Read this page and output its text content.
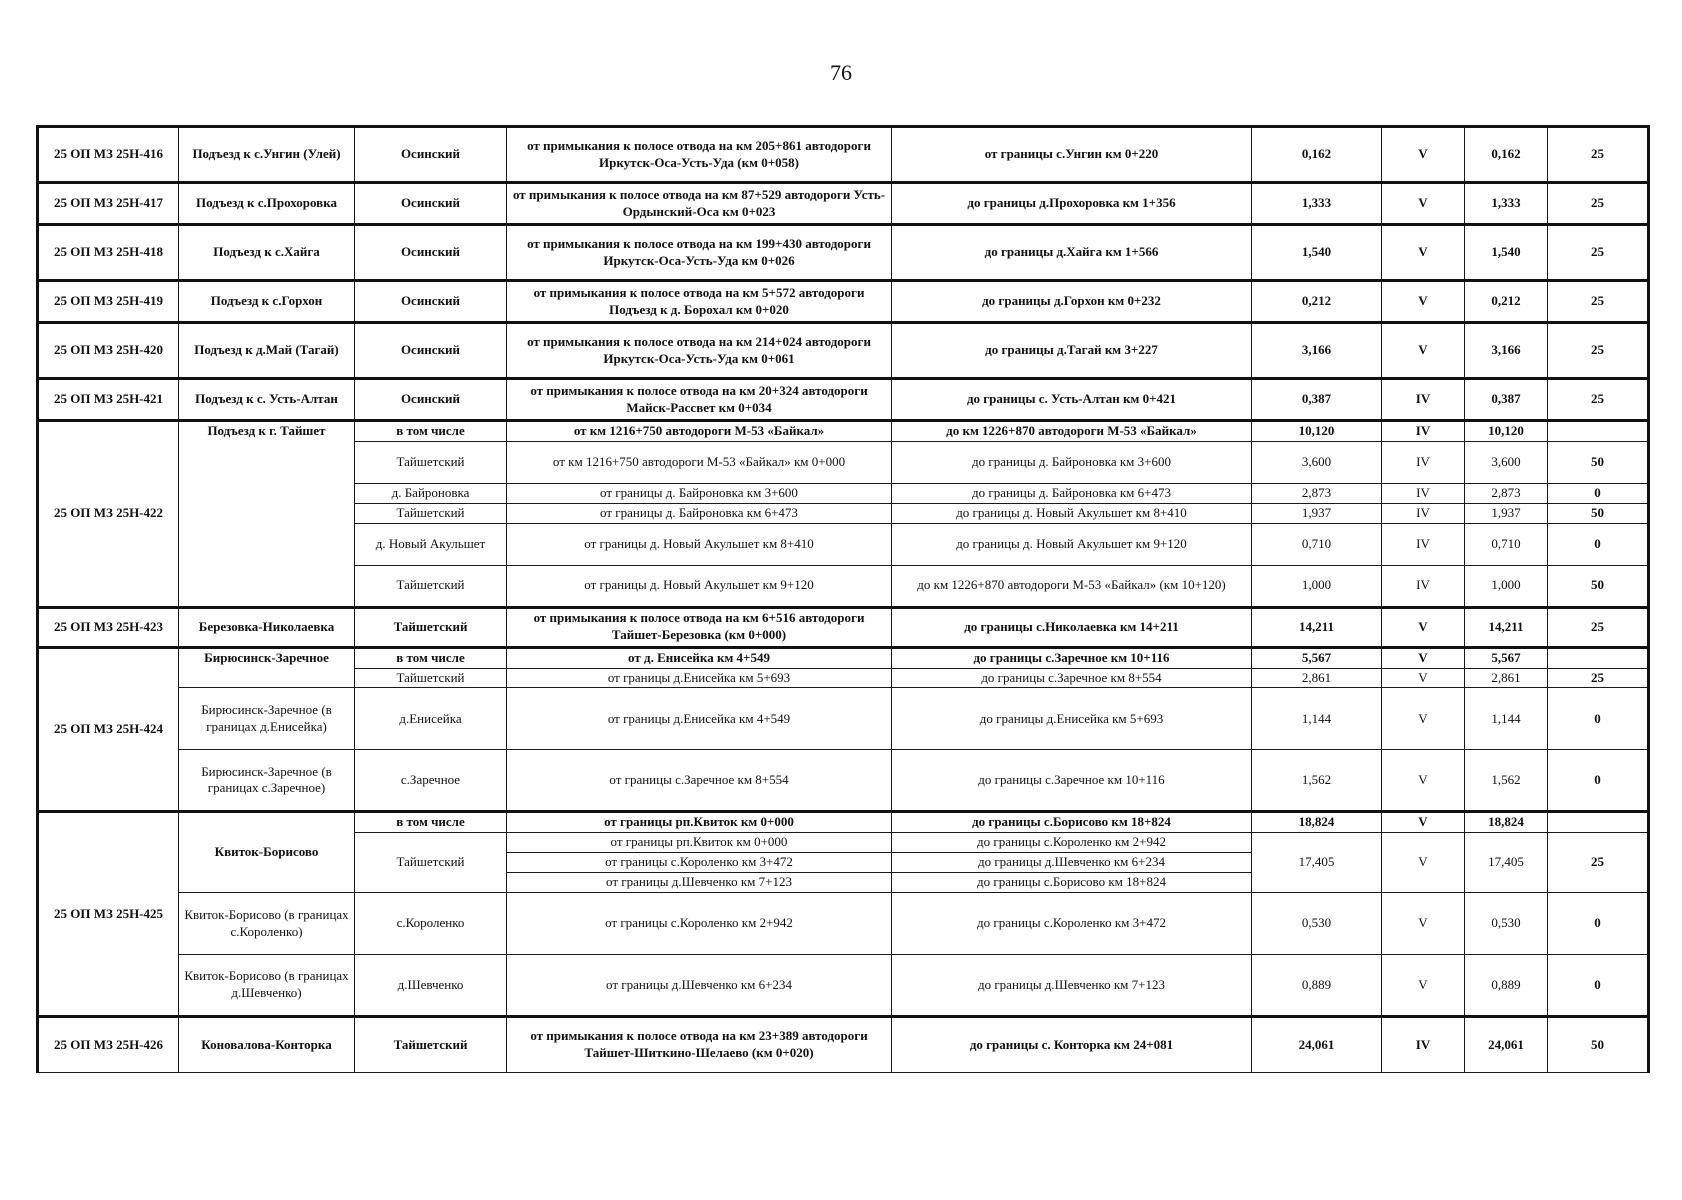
76
25 ОП МЗ 25Н-416	Подъезд к с.Унгин (Улей)	Осинский	от примыкания к полосе отвода на км 205+861 автодороги Иркутск-Оса-Усть-Уда (км 0+058)	от границы с.Унгин км 0+220	0,162	V	0,162	25
25 ОП МЗ 25Н-417	Подъезд к с.Прохоровка	Осинский	от примыкания к полосе отвода на км 87+529 автодороги Усть-Ордынский-Оса км 0+023	до границы д.Прохоровка км 1+356	1,333	V	1,333	25
25 ОП МЗ 25Н-418	Подъезд к с.Хайга	Осинский	от примыкания к полосе отвода на км 199+430 автодороги Иркутск-Оса-Усть-Уда км 0+026	до границы д.Хайга км 1+566	1,540	V	1,540	25
25 ОП МЗ 25Н-419	Подъезд к с.Горхон	Осинский	от примыкания к полосе отвода на км 5+572 автодороги Подъезд к д. Борохал км 0+020	до границы д.Горхон км 0+232	0,212	V	0,212	25
25 ОП МЗ 25Н-420	Подъезд к д.Май (Тагай)	Осинский	от примыкания к полосе отвода на км 214+024 автодороги Иркутск-Оса-Усть-Уда км 0+061	до границы д.Тагай км 3+227	3,166	V	3,166	25
25 ОП МЗ 25Н-421	Подъезд к с. Усть-Алтан	Осинский	от примыкания к полосе отвода на км 20+324 автодороги Майск-Рассвет км 0+034	до границы с. Усть-Алтан км 0+421	0,387	IV	0,387	25
25 ОП МЗ 25Н-422	Подъезд к г. Тайшет	в том числе	от км 1216+750 автодороги М-53 «Байкал»	до км 1226+870 автодороги М-53 «Байкал»	10,120	IV	10,120	
		Тайшетский	от км 1216+750 автодороги М-53 «Байкал» км 0+000	до границы д. Байроновка км 3+600	3,600	IV	3,600	50
		д. Байроновка	от границы д. Байроновка км 3+600	до границы д. Байроновка км 6+473	2,873	IV	2,873	0
		Тайшетский	от границы д. Байроновка км 6+473	до границы д. Новый Акульшет км 8+410	1,937	IV	1,937	50
		д. Новый Акульшет	от границы д. Новый Акульшет км 8+410	до границы д. Новый Акульшет км 9+120	0,710	IV	0,710	0
		Тайшетский	от границы д. Новый Акульшет км 9+120	до км 1226+870 автодороги М-53 «Байкал» (км 10+120)	1,000	IV	1,000	50
25 ОП МЗ 25Н-423	Березовка-Николаевка	Тайшетский	от примыкания к полосе отвода на км 6+516 автодороги Тайшет-Березовка (км 0+000)	до границы с.Николаевка км 14+211	14,211	V	14,211	25
25 ОП МЗ 25Н-424	Бирюсинск-Заречное	в том числе	от д. Енисейка км 4+549	до границы с.Заречное км 10+116	5,567	V	5,567	
		Тайшетский	от границы д.Енисейка км 5+693	до границы с.Заречное км 8+554	2,861	V	2,861	25
	Бирюсинск-Заречное (в границах д.Енисейка)	д.Енисейка	от границы д.Енисейка км 4+549	до границы д.Енисейка км 5+693	1,144	V	1,144	0
	Бирюсинск-Заречное (в границах с.Заречное)	с.Заречное	от границы с.Заречное км 8+554	до границы с.Заречное км 10+116	1,562	V	1,562	0
25 ОП МЗ 25Н-425	Квиток-Борисово	в том числе	от границы рп.Квиток км 0+000	до границы с.Борисово км 18+824	18,824	V	18,824	
		Тайшетский	от границы рп.Квиток км 0+000	до границы с.Короленко км 2+942	17,405	V	17,405	25
			от границы с.Короленко км 3+472	до границы д.Шевченко км 6+234				
			от границы д.Шевченко км 7+123	до границы с.Борисово км 18+824				
	Квиток-Борисово (в границах с.Короленко)	с.Короленко	от границы с.Короленко км 2+942	до границы с.Короленко км 3+472	0,530	V	0,530	0
	Квиток-Борисово (в границах д.Шевченко)	д.Шевченко	от границы д.Шевченко км 6+234	до границы д.Шевченко км 7+123	0,889	V	0,889	0
25 ОП МЗ 25Н-426	Коновалова-Конторка	Тайшетский	от примыкания к полосе отвода на км 23+389 автодороги Тайшет-Шиткино-Шелаево (км 0+020)	до границы с. Конторка км 24+081	24,061	IV	24,061	50
